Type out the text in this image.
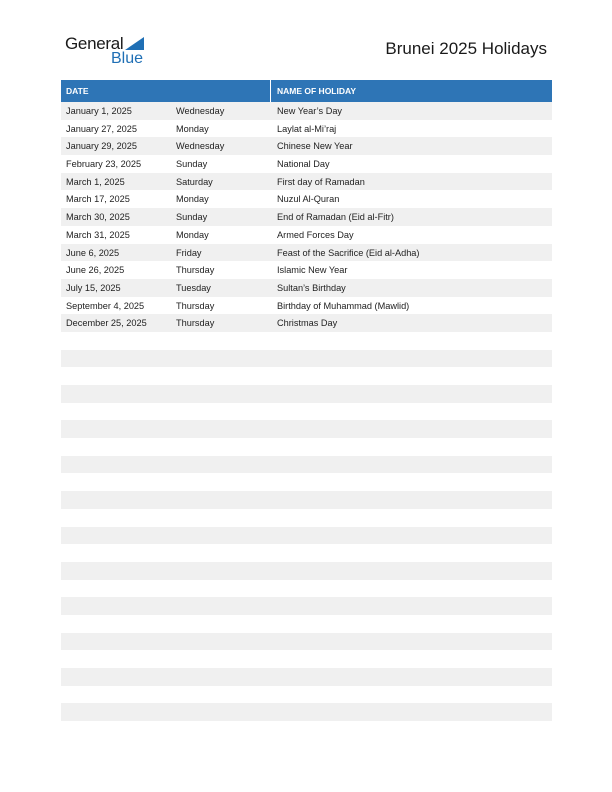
General
Blue
Brunei 2025 Holidays
DATE	NAME OF HOLIDAY
January 1, 2025	Wednesday	New Year’s Day
January 27, 2025	Monday	Laylat al-Mi’raj
January 29, 2025	Wednesday	Chinese New Year
February 23, 2025	Sunday	National Day
March 1, 2025	Saturday	First day of Ramadan
March 17, 2025	Monday	Nuzul Al-Quran
March 30, 2025	Sunday	End of Ramadan (Eid al-Fitr)
March 31, 2025	Monday	Armed Forces Day
June 6, 2025	Friday	Feast of the Sacrifice (Eid al-Adha)
June 26, 2025	Thursday	Islamic New Year
July 15, 2025	Tuesday	Sultan’s Birthday
September 4, 2025	Thursday	Birthday of Muhammad (Mawlid)
December 25, 2025	Thursday	Christmas Day
